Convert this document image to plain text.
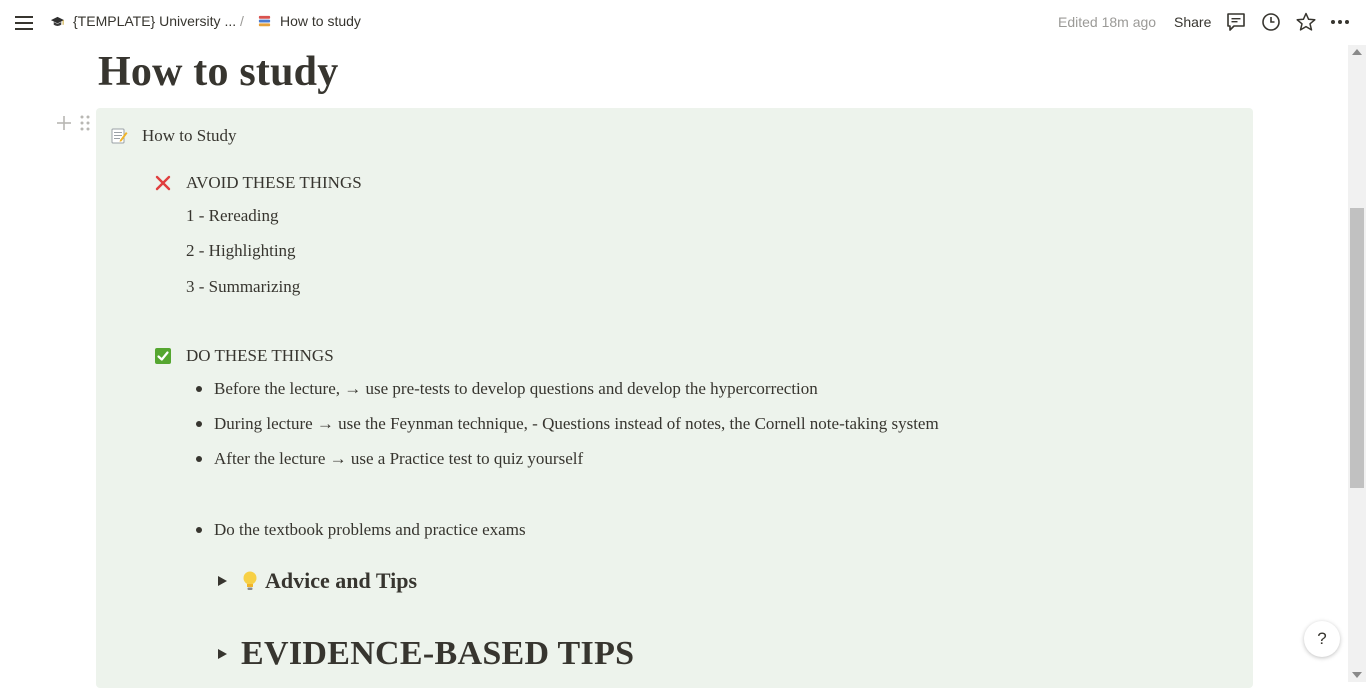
{TEMPLATE} University ... /	How to study	Edited 18m ago Share
How to study
How to Study
AVOID THESE THINGS
1 - Rereading
2 - Highlighting
3 - Summarizing
DO THESE THINGS
Before the lecture, → use pre-tests to develop questions and develop the hypercorrection
During lecture → use the Feynman technique, - Questions instead of notes, the Cornell note-taking system
After the lecture → use a Practice test to quiz yourself
Do the textbook problems and practice exams
Advice and Tips
EVIDENCE-BASED TIPS	?
